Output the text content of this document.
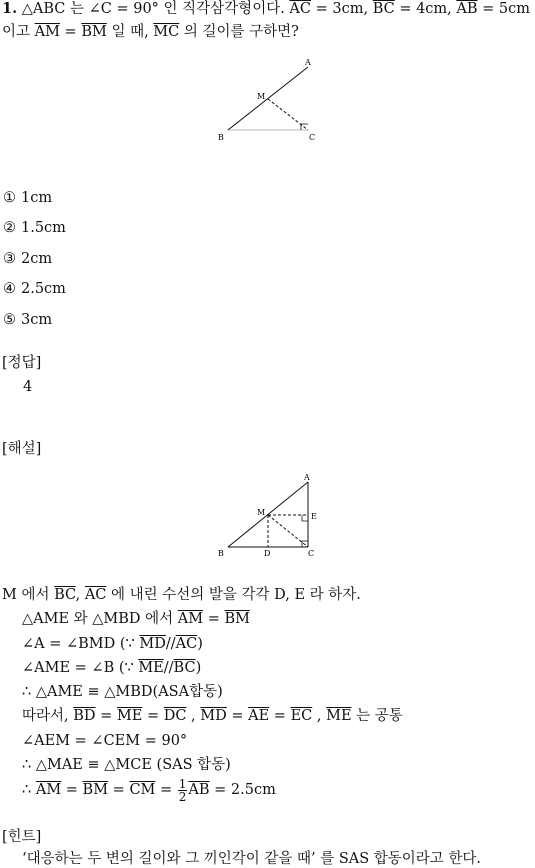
1. △ABC 는 ∠C = 90° 인 직각삼각형이다. $\overline{AC} = 3cm$, $\overline{BC} = 4cm$, $\overline{AB} = 5cm$
이고 $\overline{AM} = \overline{BM}$ 일 때, $\overline{MC}$ 의 길이를 구하면?
A
M
B	C
① 1cm
② 1.5cm
③ 2cm
④ 2.5cm
⑤ 3cm
[정답]
4
[해설]
A
M	E
B	D	C
M 에서 $\overline{BC}$, $\overline{AC}$ 에 내린 수선의 발을 각각 D, E 라 하자.
△AME 와 △MBD 에서 $\overline{AM} = \overline{BM}$
∠A = ∠BMD (∵ $\overline{MD}//\overline{AC}$)
∠AME = ∠B (∵ $\overline{ME}//\overline{BC}$)
∴ △AME ≡ △MBD(ASA합동)
따라서, $\overline{BD} = \overline{ME} = \overline{DC}$ , $\overline{MD} = \overline{AE} = \overline{EC}$ , $\overline{ME}$ 는 공통
∠AEM = ∠CEM = 90°
∴ △MAE ≡ △MCE (SAS 합동)
∴ $\overline{AM} = \overline{BM} = \overline{CM} = \frac{1}{2} \overline{AB} = 2.5cm$
[힌트]
‘대응하는 두 변의 길이와 그 끼인각이 같을 때’ 를 SAS 합동이라고 한다.
